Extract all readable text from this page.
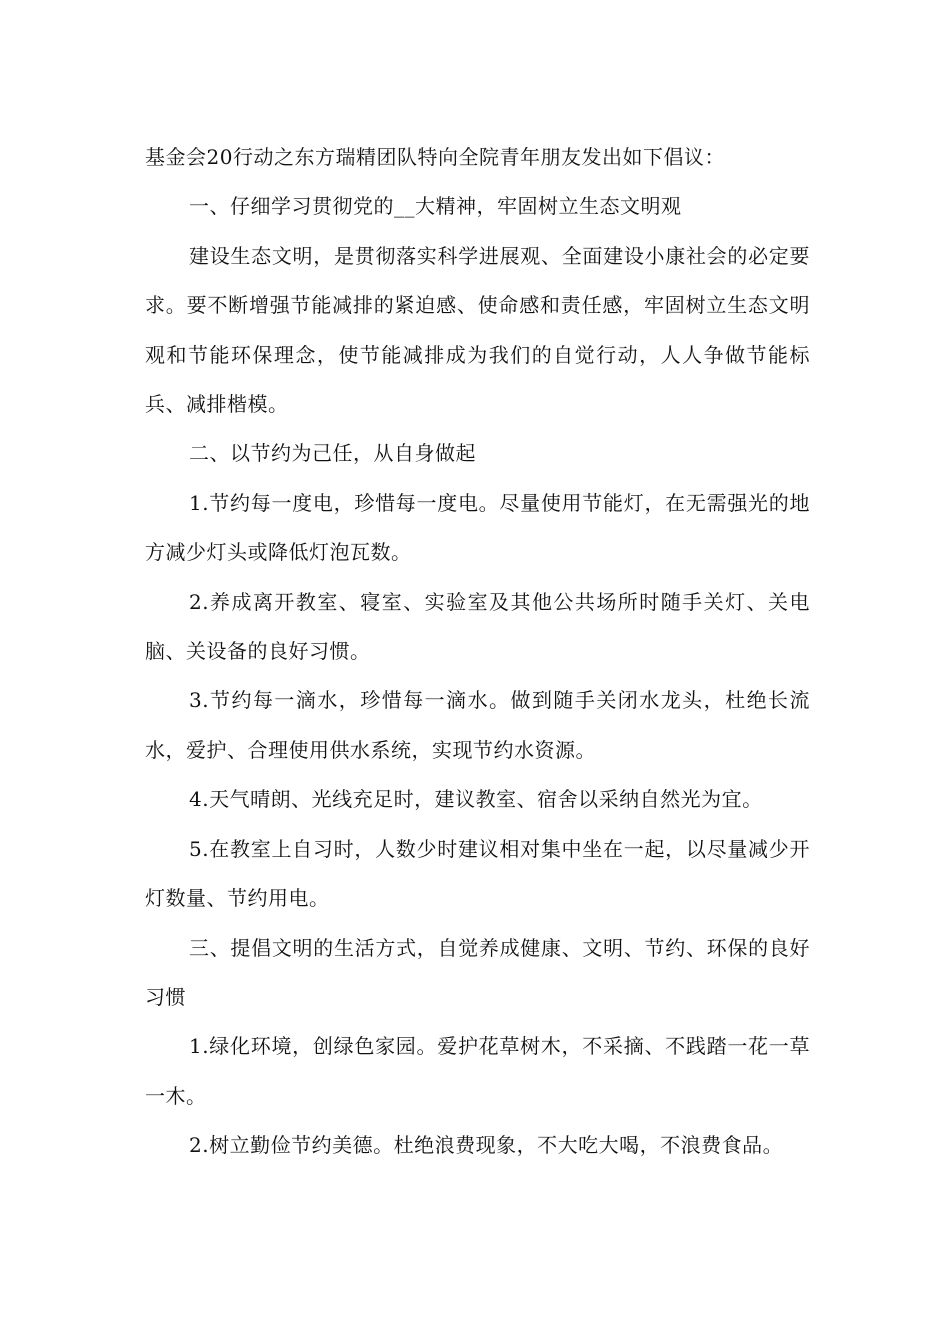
基金会20行动之东方瑞精团队特向全院青年朋友发出如下倡议：

一、仔细学习贯彻党的__大精神，牢固树立生态文明观

建设生态文明，是贯彻落实科学进展观、全面建设小康社会的必定要求。要不断增强节能减排的紧迫感、使命感和责任感，牢固树立生态文明观和节能环保理念，使节能减排成为我们的自觉行动，人人争做节能标兵、减排楷模。

二、以节约为己任，从自身做起

1.节约每一度电，珍惜每一度电。尽量使用节能灯，在无需强光的地方减少灯头或降低灯泡瓦数。

2.养成离开教室、寝室、实验室及其他公共场所时随手关灯、关电脑、关设备的良好习惯。

3.节约每一滴水，珍惜每一滴水。做到随手关闭水龙头，杜绝长流水，爱护、合理使用供水系统，实现节约水资源。

4.天气晴朗、光线充足时，建议教室、宿舍以采纳自然光为宜。

5.在教室上自习时，人数少时建议相对集中坐在一起，以尽量减少开灯数量、节约用电。

三、提倡文明的生活方式，自觉养成健康、文明、节约、环保的良好习惯

1.绿化环境，创绿色家园。爱护花草树木，不采摘、不践踏一花一草一木。

2.树立勤俭节约美德。杜绝浪费现象，不大吃大喝，不浪费食品。
